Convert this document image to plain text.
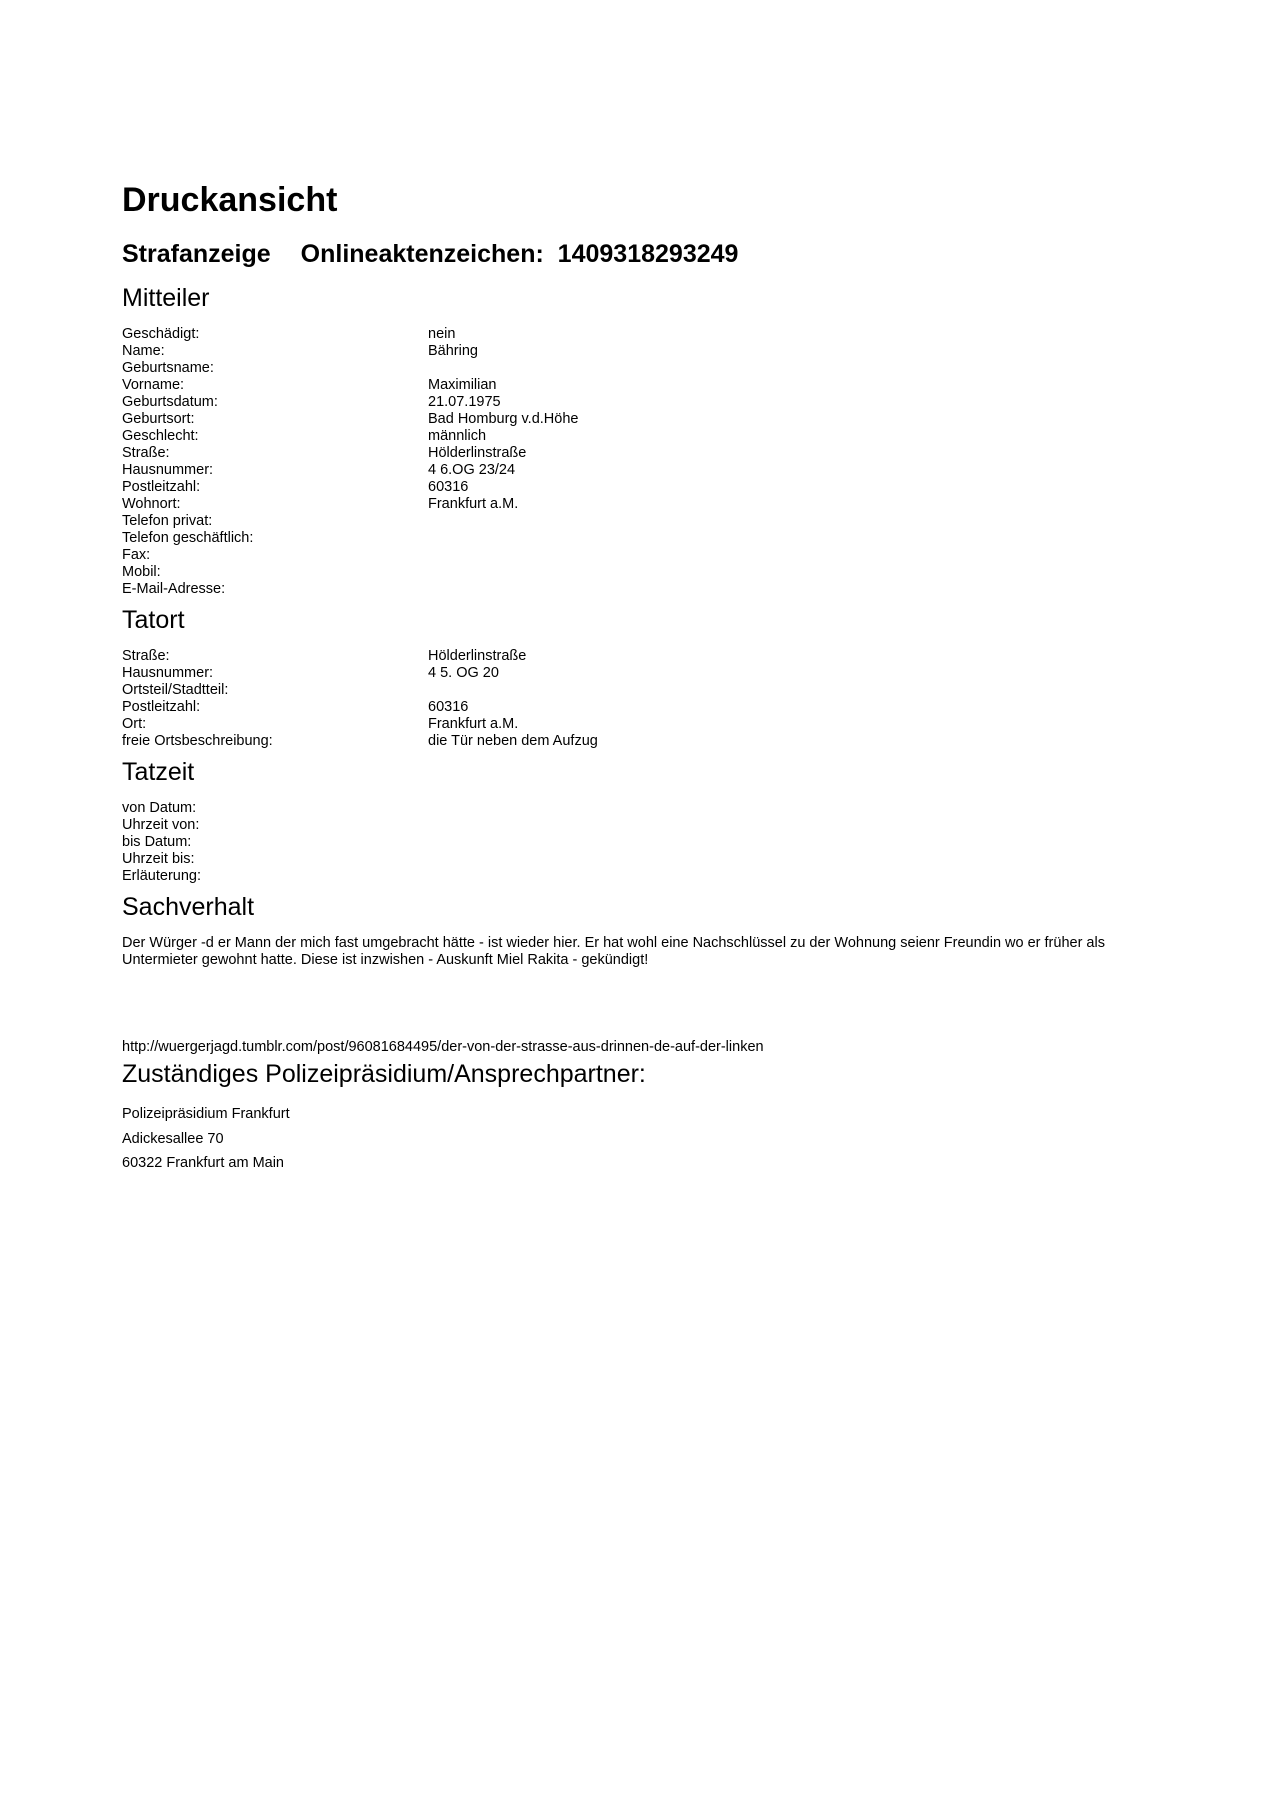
Druckansicht
Strafanzeige Onlineaktenzeichen:  1409318293249
Mitteiler
Geschädigt:	nein
Name:	Bähring
Geburtsname:
Vorname:	Maximilian
Geburtsdatum:	21.07.1975
Geburtsort:	Bad Homburg v.d.Höhe
Geschlecht:	männlich
Straße:	Hölderlinstraße
Hausnummer:	4 6.OG 23/24
Postleitzahl:	60316
Wohnort:	Frankfurt a.M.
Telefon privat:
Telefon geschäftlich:
Fax:
Mobil:
E-Mail-Adresse:
Tatort
Straße:	Hölderlinstraße
Hausnummer:	4 5. OG 20
Ortsteil/Stadtteil:
Postleitzahl:	60316
Ort:	Frankfurt a.M.
freie Ortsbeschreibung:	die Tür neben dem Aufzug
Tatzeit
von Datum:
Uhrzeit von:
bis Datum:
Uhrzeit bis:
Erläuterung:
Sachverhalt
Der Würger -d er Mann der mich fast umgebracht hätte - ist wieder hier. Er hat wohl eine Nachschlüssel zu der Wohnung seienr Freundin wo er früher als Untermieter gewohnt hatte. Diese ist inzwishen - Auskunft Miel Rakita - gekündigt!
http://wuergerjagd.tumblr.com/post/96081684495/der-von-der-strasse-aus-drinnen-de-auf-der-linken
Zuständiges Polizeipräsidium/Ansprechpartner:
Polizeipräsidium Frankfurt
Adickesallee 70
60322 Frankfurt am Main
